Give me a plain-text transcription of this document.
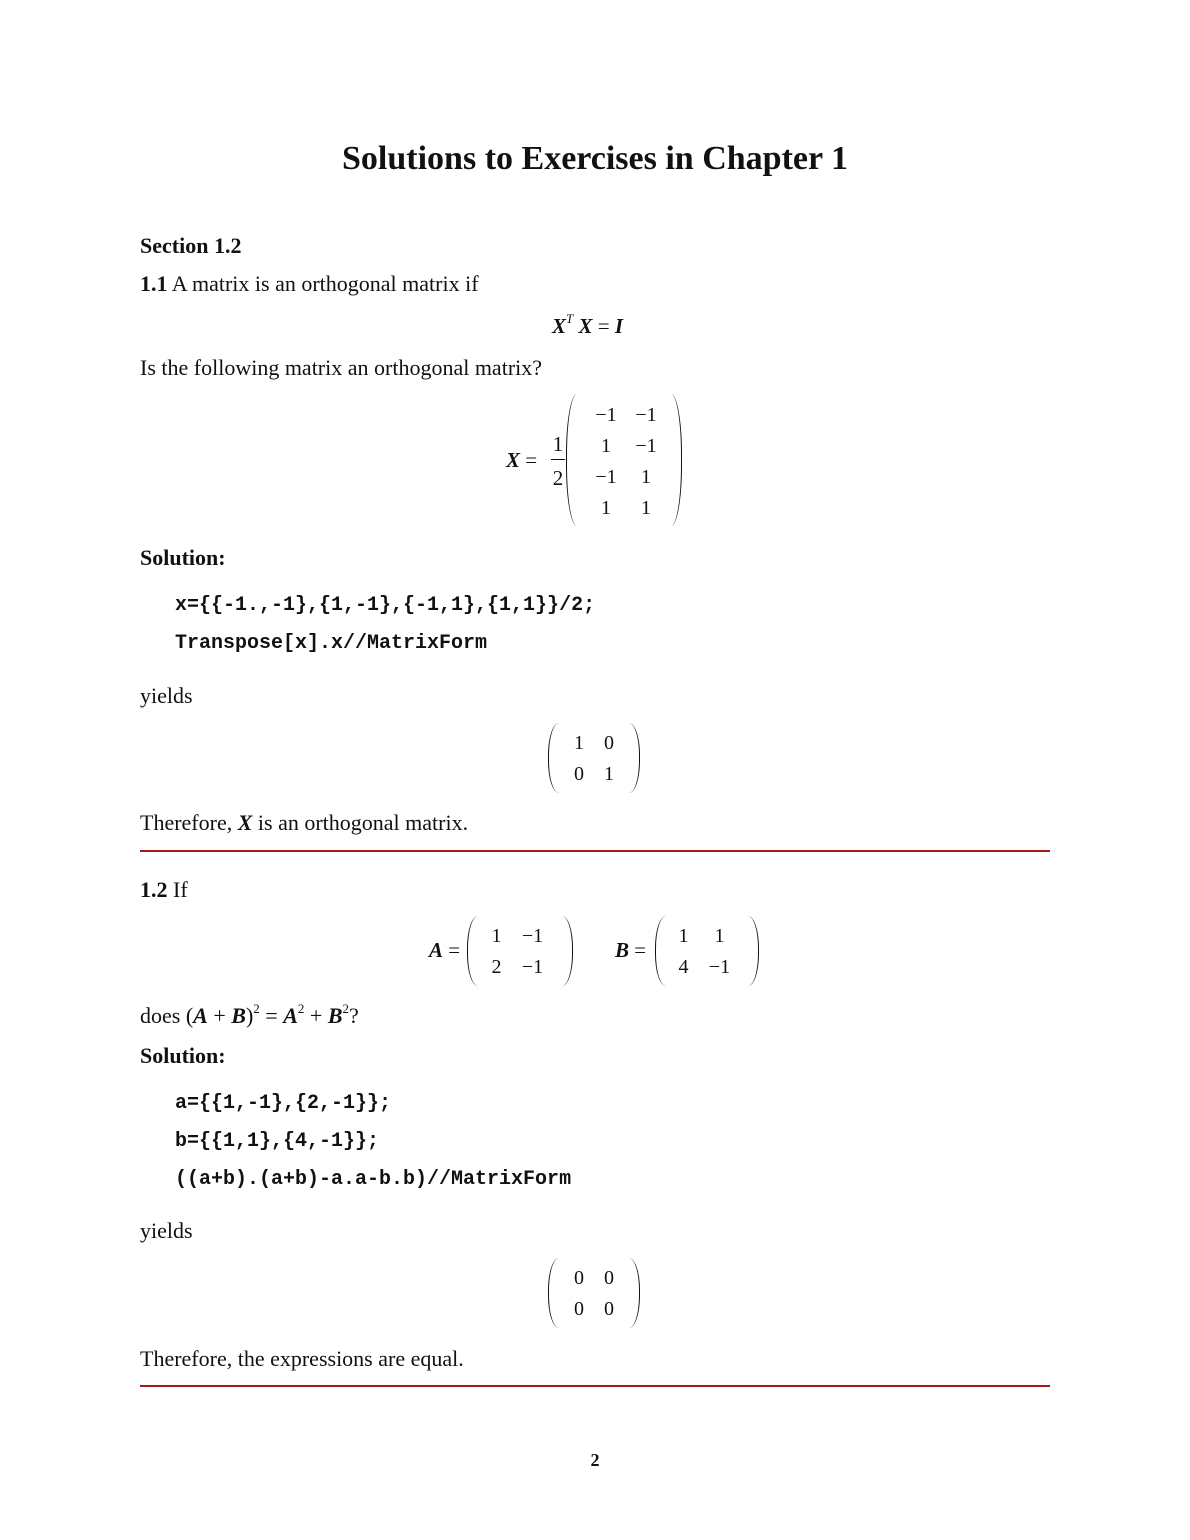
Solutions to Exercises in Chapter 1
Section 1.2
1.1 A matrix is an orthogonal matrix if
$X^T$ X = I
Is the following matrix an orthogonal matrix?
X =
1
2
−1	−1
1	−1
−1	1
1	1
Solution:
x={{-1.,-1},{1,-1},{-1,1},{1,1}}/2;
Transpose[x].x//MatrixForm
yields
1	0
0	1
Therefore, X is an orthogonal matrix.
1.2 If
A =
1	−1
2	−1
B =
1	1
4	−1
does $(A + B)^2 = A^2 + B^2$?
Solution:
a={{1,-1},{2,-1}};
b={{1,1},{4,-1}};
((a+b).(a+b)-a.a-b.b)//MatrixForm
yields
0	0
0	0
Therefore, the expressions are equal.
2
